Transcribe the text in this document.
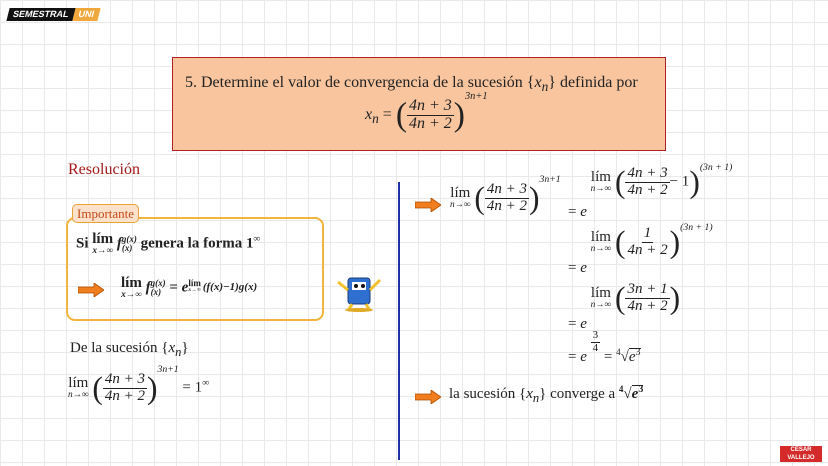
SEMESTRAL UNI
5. Determine el valor de convergencia de la sucesión $\{x_n\}$ definida por
$x_n$ = ( $\frac{4n + 3}{4n + 2} )^{3n+1}$
Resolución
Importante
Si lím
x→∞ f g(x)
(x) genera la forma 1∞
lím
x→∞ f g(x)
(x) = e lím
x→∞ (f(x)−1)g(x)
De la sucesión $\{x_n\}$
lím
n→∞ ( $\frac{4n + 3}{4n + 2} )^{3n+1} = 1^\infty$
lím
n→∞ ( $\frac{4n + 3}{4n + 2} )^{3n+1}$
= e
lím
n→∞ ( $\frac{4n + 3}{4n + 2} - 1)^{(3n + 1)}$
= e
lím
n→∞ ( $\frac{1}{4n + 2} )^{(3n + 1)}$
= e
lím
n→∞ ( $\frac{3n + 1}{4n + 2}$ )
= e
$\frac{3}{4}$
= $^4√e^3$
la sucesión $\{x_n\}$ converge a $^4√e^3$
CÉSAR
VALLEJO
